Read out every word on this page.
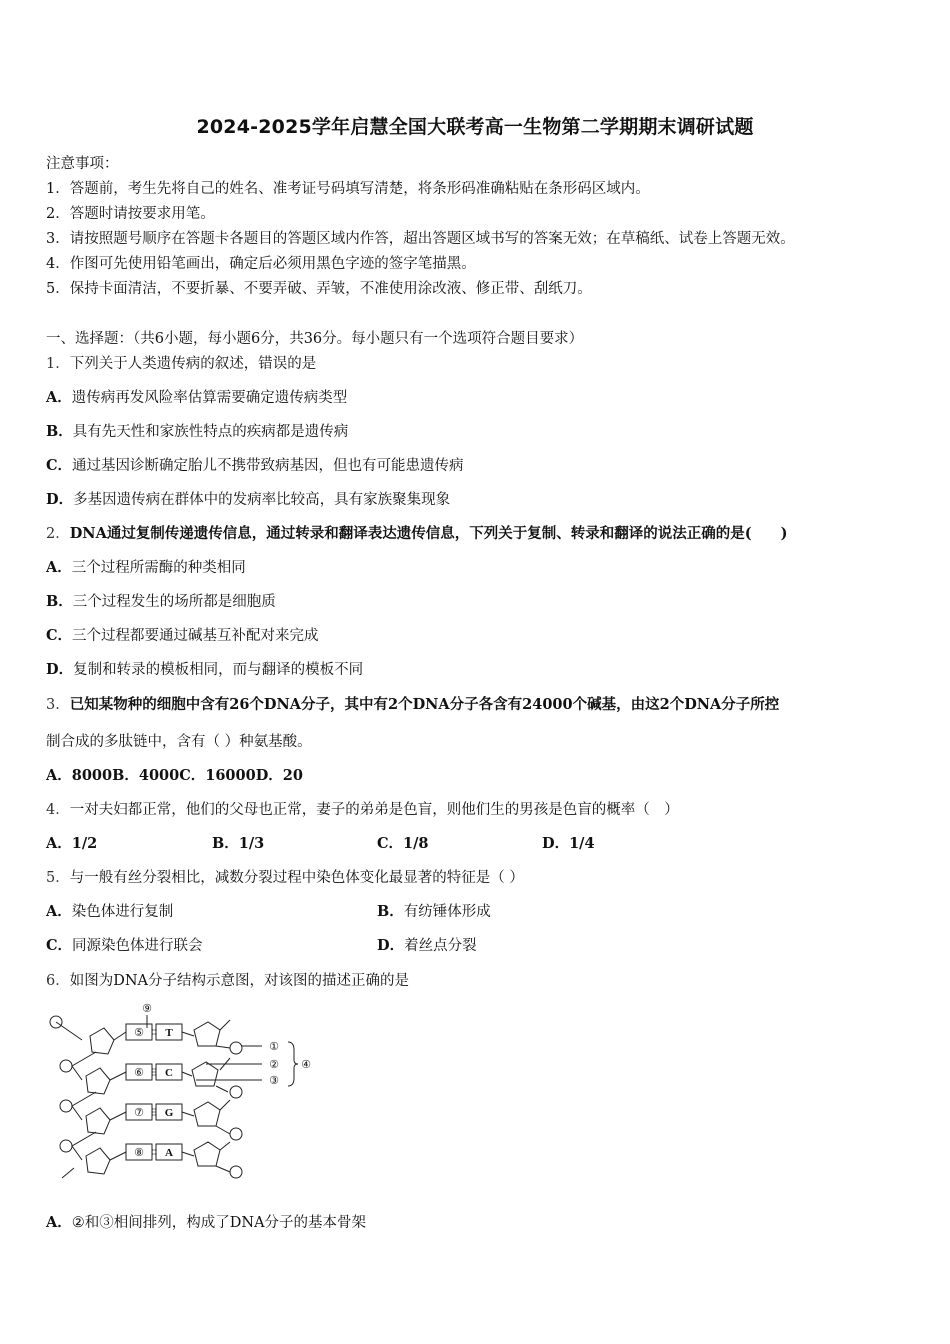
2024-2025学年启慧全国大联考高一生物第二学期期末调研试题
注意事项：
1．答题前，考生先将自己的姓名、准考证号码填写清楚，将条形码准确粘贴在条形码区域内。
2．答题时请按要求用笔。
3．请按照题号顺序在答题卡各题目的答题区域内作答，超出答题区域书写的答案无效；在草稿纸、试卷上答题无效。
4．作图可先使用铅笔画出，确定后必须用黑色字迹的签字笔描黑。
5．保持卡面清洁，不要折暴、不要弄破、弄皱，不准使用涂改液、修正带、刮纸刀。
一、选择题：（共6小题，每小题6分，共36分。每小题只有一个选项符合题目要求）
1．下列关于人类遗传病的叙述，错误的是
A．遗传病再发风险率估算需要确定遗传病类型
B．具有先天性和家族性特点的疾病都是遗传病
C．通过基因诊断确定胎儿不携带致病基因，但也有可能患遗传病
D．多基因遗传病在群体中的发病率比较高，具有家族聚集现象
2．DNA通过复制传递遗传信息，通过转录和翻译表达遗传信息，下列关于复制、转录和翻译的说法正确的是(　　)
A．三个过程所需酶的种类相同
B．三个过程发生的场所都是细胞质
C．三个过程都要通过碱基互补配对来完成
D．复制和转录的模板相同，而与翻译的模板不同
3．已知某物种的细胞中含有26个DNA分子，其中有2个DNA分子各含有24000个碱基，由这2个DNA分子所控
制合成的多肽链中，含有（ ）种氨基酸。
A．8000B．4000C．16000D．20
4．一对夫妇都正常，他们的父母也正常，妻子的弟弟是色盲，则他们生的男孩是色盲的概率（　）
A．1/2	B．1/3	C．1/8	D．1/4
5．与一般有丝分裂相比，减数分裂过程中染色体变化最显著的特征是（ ）
A．染色体进行复制	B．有纺锤体形成
C．同源染色体进行联会	D．着丝点分裂
6．如图为DNA分子结构示意图，对该图的描述正确的是
⑤
⑥
⑦
⑧
⑨
T
C
G
A
①
②
③
④
A．②和③相间排列，构成了DNA分子的基本骨架
